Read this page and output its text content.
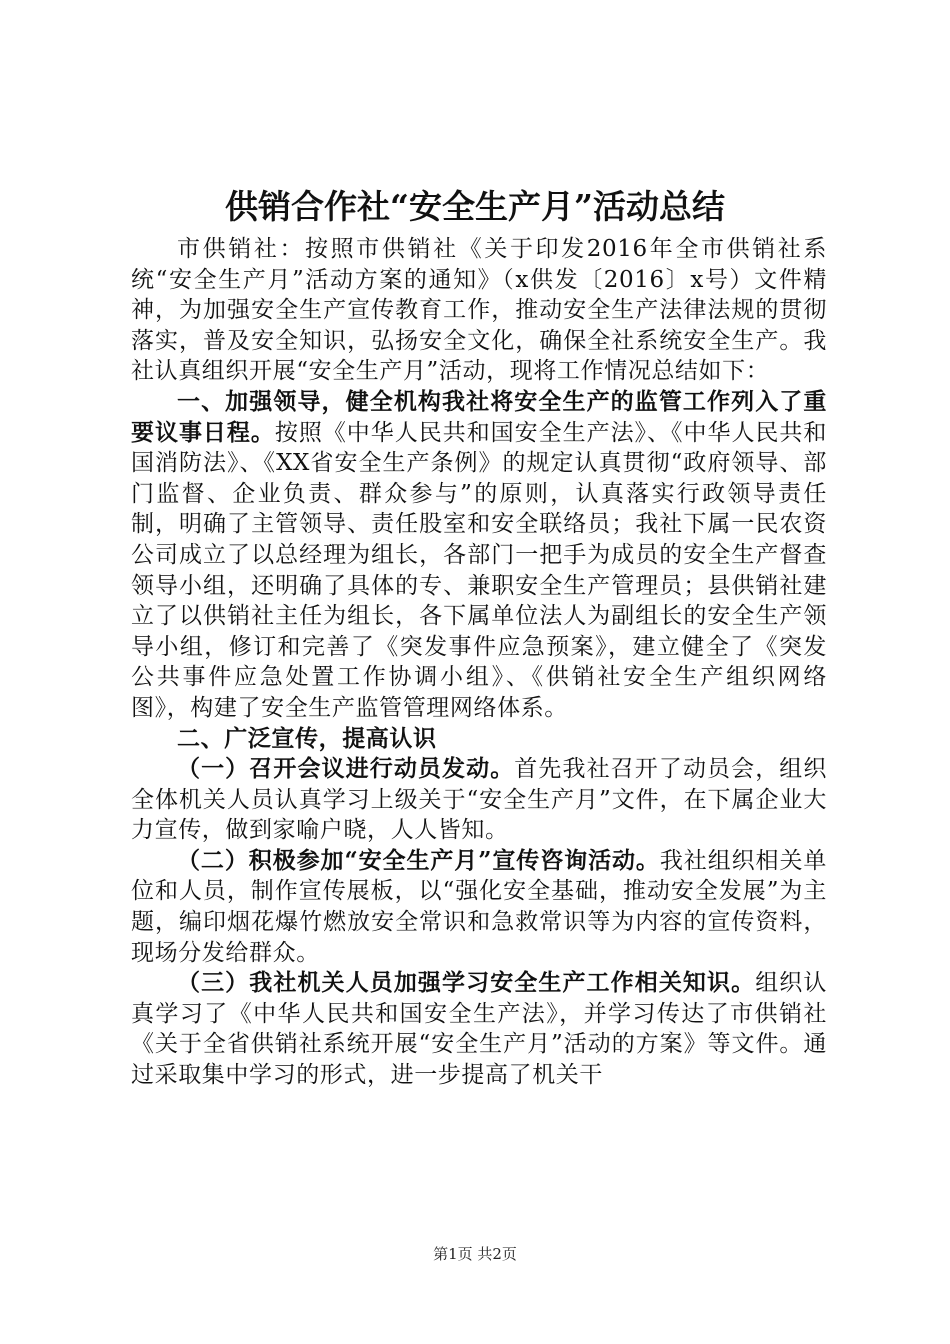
供销合作社“安全生产月”活动总结

市供销社：按照市供销社《关于印发2016年全市供销社系统“安全生产月”活动方案的通知》（x供发〔2016〕x号）文件精神，为加强安全生产宣传教育工作，推动安全生产法律法规的贯彻落实，普及安全知识，弘扬安全文化，确保全社系统安全生产。我社认真组织开展“安全生产月”活动，现将工作情况总结如下：

一、加强领导，健全机构我社将安全生产的监管工作列入了重要议事日程。按照《中华人民共和国安全生产法》、《中华人民共和国消防法》、《XX省安全生产条例》的规定认真贯彻“政府领导、部门监督、企业负责、群众参与”的原则，认真落实行政领导责任制，明确了主管领导、责任股室和安全联络员；我社下属一民农资公司成立了以总经理为组长，各部门一把手为成员的安全生产督查领导小组，还明确了具体的专、兼职安全生产管理员；县供销社建立了以供销社主任为组长，各下属单位法人为副组长的安全生产领导小组，修订和完善了《突发事件应急预案》，建立健全了《突发公共事件应急处置工作协调小组》、《供销社安全生产组织网络图》，构建了安全生产监管管理网络体系。

二、广泛宣传，提高认识

（一）召开会议进行动员发动。首先我社召开了动员会，组织全体机关人员认真学习上级关于“安全生产月”文件，在下属企业大力宣传，做到家喻户晓，人人皆知。

（二）积极参加“安全生产月”宣传咨询活动。我社组织相关单位和人员，制作宣传展板，以“强化安全基础，推动安全发展”为主题，编印烟花爆竹燃放安全常识和急救常识等为内容的宣传资料，现场分发给群众。

（三）我社机关人员加强学习安全生产工作相关知识。组织认真学习了《中华人民共和国安全生产法》，并学习传达了市供销社《关于全省供销社系统开展“安全生产月”活动的方案》等文件。通过采取集中学习的形式，进一步提高了机关干

第1页 共2页
